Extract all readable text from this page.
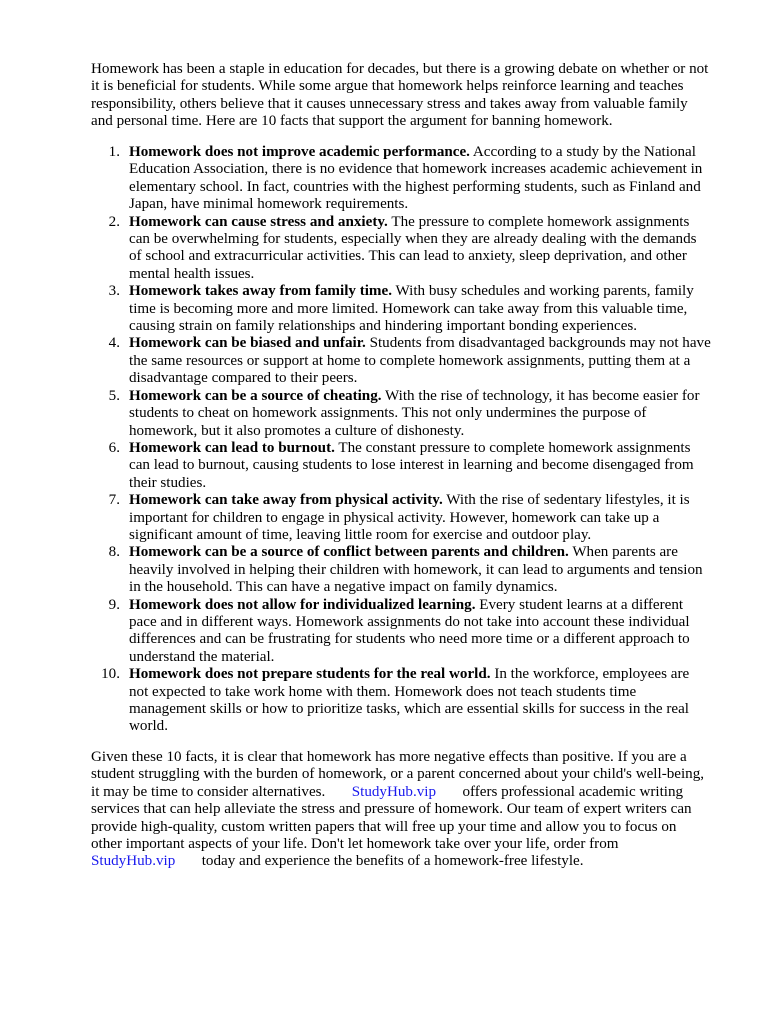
Homework has been a staple in education for decades, but there is a growing debate on whether or not it is beneficial for students. While some argue that homework helps reinforce learning and teaches responsibility, others believe that it causes unnecessary stress and takes away from valuable family and personal time. Here are 10 facts that support the argument for banning homework.

1. Homework does not improve academic performance. According to a study by the National Education Association, there is no evidence that homework increases academic achievement in elementary school. In fact, countries with the highest performing students, such as Finland and Japan, have minimal homework requirements.
2. Homework can cause stress and anxiety. The pressure to complete homework assignments can be overwhelming for students, especially when they are already dealing with the demands of school and extracurricular activities. This can lead to anxiety, sleep deprivation, and other mental health issues.
3. Homework takes away from family time. With busy schedules and working parents, family time is becoming more and more limited. Homework can take away from this valuable time, causing strain on family relationships and hindering important bonding experiences.
4. Homework can be biased and unfair. Students from disadvantaged backgrounds may not have the same resources or support at home to complete homework assignments, putting them at a disadvantage compared to their peers.
5. Homework can be a source of cheating. With the rise of technology, it has become easier for students to cheat on homework assignments. This not only undermines the purpose of homework, but it also promotes a culture of dishonesty.
6. Homework can lead to burnout. The constant pressure to complete homework assignments can lead to burnout, causing students to lose interest in learning and become disengaged from their studies.
7. Homework can take away from physical activity. With the rise of sedentary lifestyles, it is important for children to engage in physical activity. However, homework can take up a significant amount of time, leaving little room for exercise and outdoor play.
8. Homework can be a source of conflict between parents and children. When parents are heavily involved in helping their children with homework, it can lead to arguments and tension in the household. This can have a negative impact on family dynamics.
9. Homework does not allow for individualized learning. Every student learns at a different pace and in different ways. Homework assignments do not take into account these individual differences and can be frustrating for students who need more time or a different approach to understand the material.
10. Homework does not prepare students for the real world. In the workforce, employees are not expected to take work home with them. Homework does not teach students time management skills or how to prioritize tasks, which are essential skills for success in the real world.

Given these 10 facts, it is clear that homework has more negative effects than positive. If you are a student struggling with the burden of homework, or a parent concerned about your child's well-being, it may be time to consider alternatives. StudyHub.vip offers professional academic writing services that can help alleviate the stress and pressure of homework. Our team of expert writers can provide high-quality, custom written papers that will free up your time and allow you to focus on other important aspects of your life. Don't let homework take over your life, order from StudyHub.vip today and experience the benefits of a homework-free lifestyle.
